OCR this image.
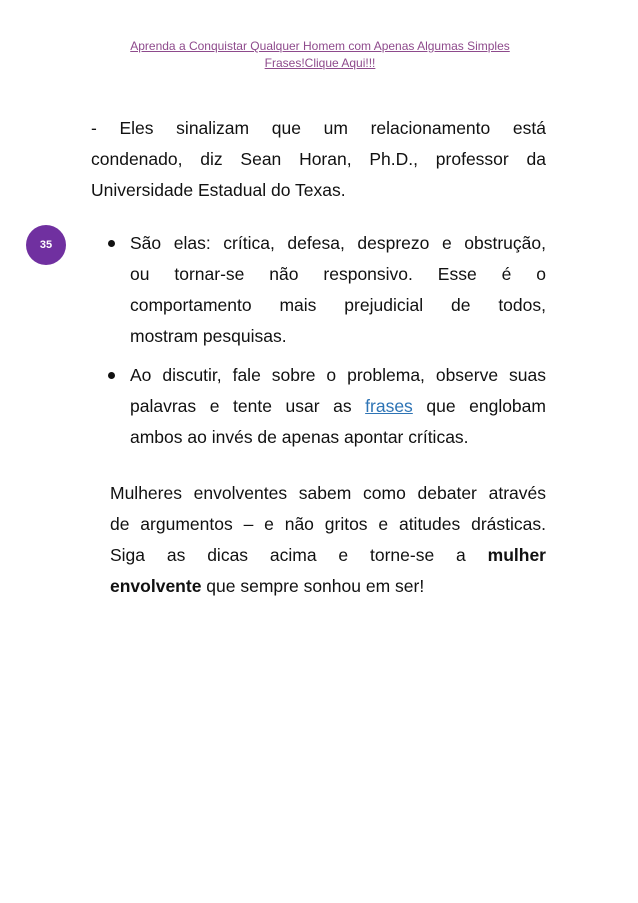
Aprenda a Conquistar Qualquer Homem com Apenas Algumas Simples
Frases!Clique Aqui!!!
35
- Eles sinalizam que um relacionamento está
condenado, diz Sean Horan, Ph.D., professor da
Universidade Estadual do Texas.
São elas: crítica, defesa, desprezo e obstrução,
ou tornar-se não responsivo. Esse é o
comportamento mais prejudicial de todos,
mostram pesquisas.
Ao discutir, fale sobre o problema, observe suas
palavras e tente usar as frases que englobam
ambos ao invés de apenas apontar críticas.
Mulheres envolventes sabem como debater através
de argumentos – e não gritos e atitudes drásticas.
Siga as dicas acima e torne-se a mulher
envolvente que sempre sonhou em ser!
